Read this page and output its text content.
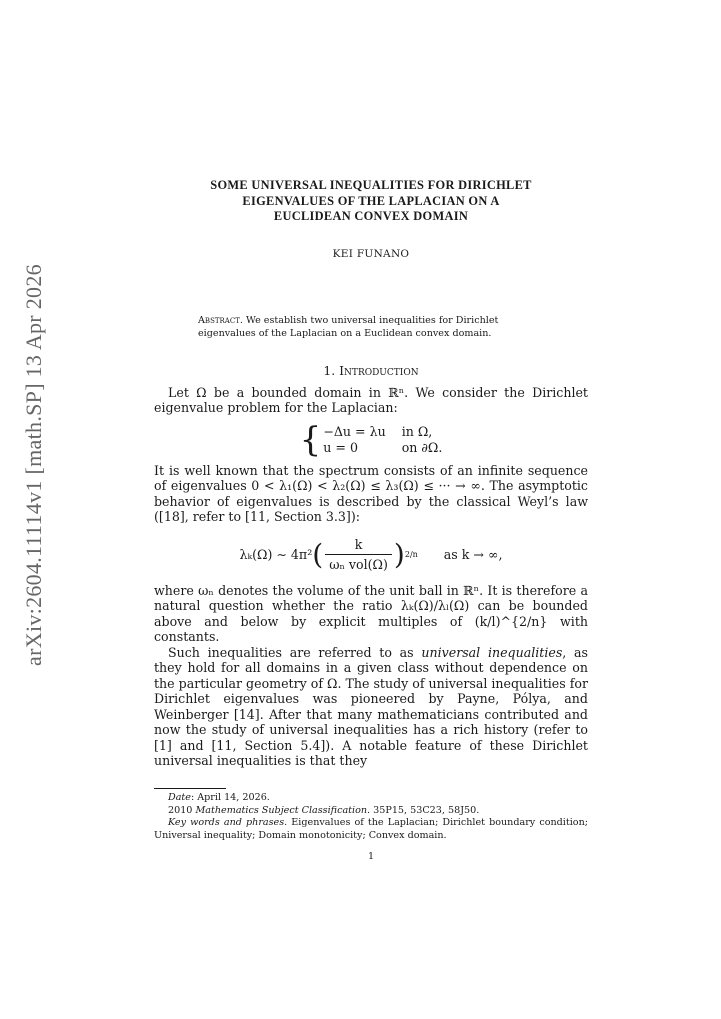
arXiv:2604.11114v1 [math.SP] 13 Apr 2026
SOME UNIVERSAL INEQUALITIES FOR DIRICHLET
EIGENVALUES OF THE LAPLACIAN ON A
EUCLIDEAN CONVEX DOMAIN
KEI FUNANO
Abstract. We establish two universal inequalities for Dirichlet eigenvalues of the Laplacian on a Euclidean convex domain.
1. Introduction

Let Ω be a bounded domain in ℝⁿ. We consider the Dirichlet eigenvalue problem for the Laplacian:

{ −Δu = λu in Ω,
u = 0	on ∂Ω.

It is well known that the spectrum consists of an infinite sequence of eigenvalues 0 < λ₁(Ω) < λ₂(Ω) ≤ λ₃(Ω) ≤ ··· → ∞. The asymptotic behavior of eigenvalues is described by the classical Weyl’s law ([18], refer to [11, Section 3.3]):

λₖ(Ω) ∼ 4π² ( $\frac{k}{\text{ωₙ vol(Ω)}}$ ) 2/n as k → ∞,

where ωₙ denotes the volume of the unit ball in ℝⁿ. It is therefore a natural question whether the ratio λₖ(Ω)/λₗ(Ω) can be bounded above and below by explicit multiples of (k/l)^{2/n} with constants.

Such inequalities are referred to as universal inequalities, as they hold for all domains in a given class without dependence on the particular geometry of Ω. The study of universal inequalities for Dirichlet eigenvalues was pioneered by Payne, Pólya, and Weinberger [14]. After that many mathematicians contributed and now the study of universal inequalities has a rich history (refer to [1] and [11, Section 5.4]). A notable feature of these Dirichlet universal inequalities is that they

Date: April 14, 2026.
2010 Mathematics Subject Classification. 35P15, 53C23, 58J50.
Key words and phrases. Eigenvalues of the Laplacian; Dirichlet boundary condition; Universal inequality; Domain monotonicity; Convex domain.
1
